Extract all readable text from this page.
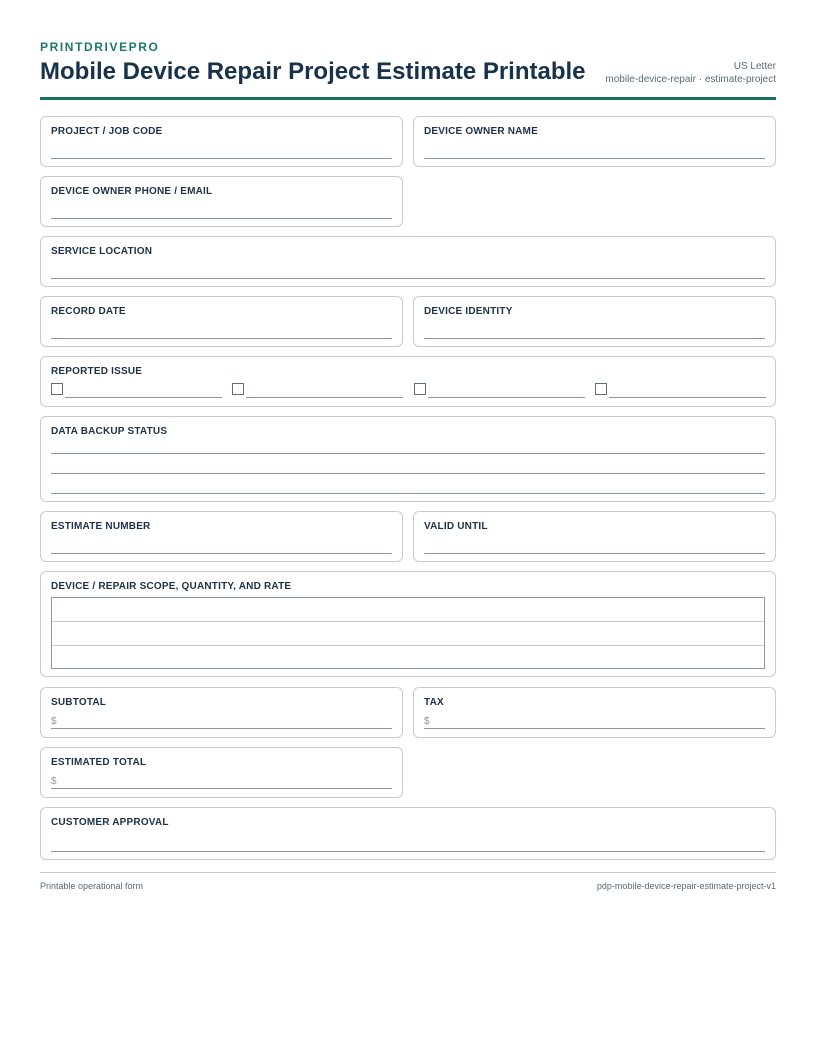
PRINTDRIVEPRO
Mobile Device Repair Project Estimate Printable	US Letter
mobile-device-repair · estimate-project
PROJECT / JOB CODE	DEVICE OWNER NAME
DEVICE OWNER PHONE / EMAIL
SERVICE LOCATION
RECORD DATE	DEVICE IDENTITY
REPORTED ISSUE
DATA BACKUP STATUS
ESTIMATE NUMBER	VALID UNTIL
DEVICE / REPAIR SCOPE, QUANTITY, AND RATE
SUBTOTAL
$
TAX
$
ESTIMATED TOTAL
$
CUSTOMER APPROVAL
Printable operational form	pdp-mobile-device-repair-estimate-project-v1
